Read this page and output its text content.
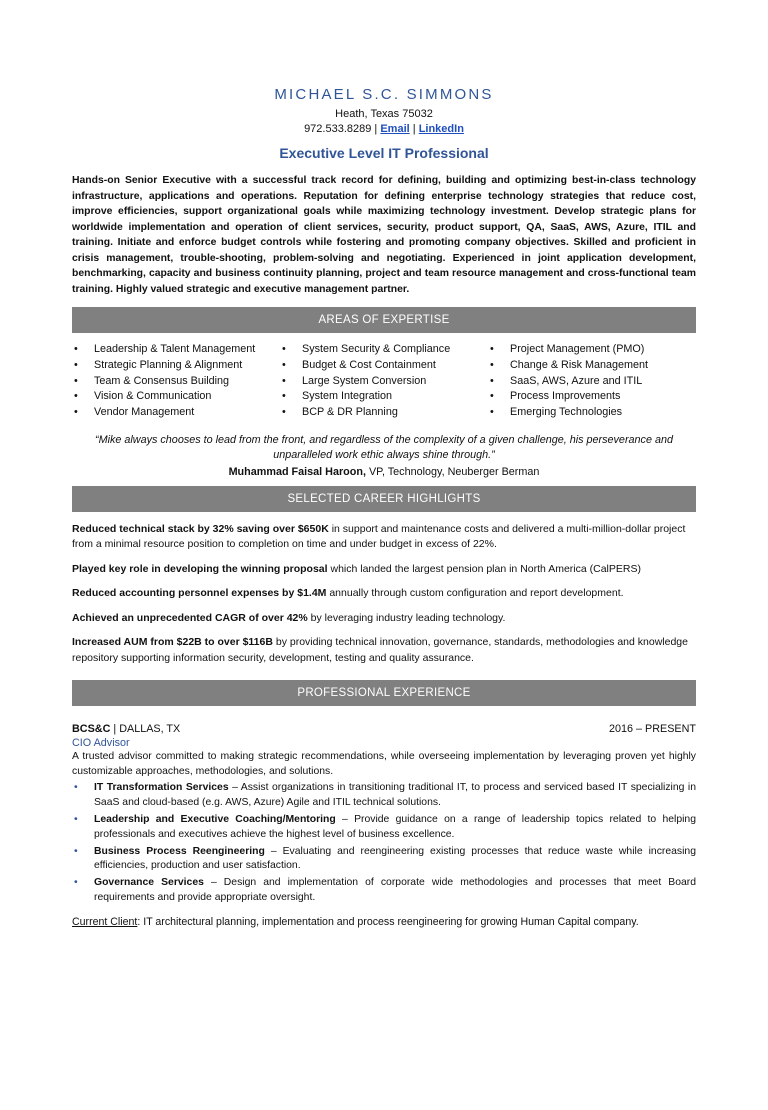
MICHAEL S.C. SIMMONS
Heath, Texas 75032
972.533.8289 | Email | LinkedIn
Executive Level IT Professional
Hands-on Senior Executive with a successful track record for defining, building and optimizing best-in-class technology infrastructure, applications and operations. Reputation for defining enterprise technology strategies that reduce cost, improve efficiencies, support organizational goals while maximizing technology investment. Develop strategic plans for worldwide implementation and operation of client services, security, product support, QA, SaaS, AWS, Azure, ITIL and training. Initiate and enforce budget controls while fostering and promoting company objectives. Skilled and proficient in crisis management, trouble-shooting, problem-solving and negotiating. Experienced in joint application development, benchmarking, capacity and business continuity planning, project and team resource management and cross-functional team training. Highly valued strategic and executive management partner.
AREAS OF EXPERTISE
• Leadership & Talent Management
• Strategic Planning & Alignment
• Team & Consensus Building
• Vision & Communication
• Vendor Management
• System Security & Compliance
• Budget & Cost Containment
• Large System Conversion
• System Integration
• BCP & DR Planning
• Project Management (PMO)
• Change & Risk Management
• SaaS, AWS, Azure and ITIL
• Process Improvements
• Emerging Technologies
“Mike always chooses to lead from the front, and regardless of the complexity of a given challenge, his perseverance and unparalleled work ethic always shine through.”
Muhammad Faisal Haroon, VP, Technology, Neuberger Berman
SELECTED CAREER HIGHLIGHTS
Reduced technical stack by 32% saving over $650K in support and maintenance costs and delivered a multi-million-dollar project from a minimal resource position to completion on time and under budget in excess of 22%.
Played key role in developing the winning proposal which landed the largest pension plan in North America (CalPERS)
Reduced accounting personnel expenses by $1.4M annually through custom configuration and report development.
Achieved an unprecedented CAGR of over 42% by leveraging industry leading technology.
Increased AUM from $22B to over $116B by providing technical innovation, governance, standards, methodologies and knowledge repository supporting information security, development, testing and quality assurance.
PROFESSIONAL EXPERIENCE
BCS&C | DALLAS, TX	2016 – PRESENT
CIO Advisor
A trusted advisor committed to making strategic recommendations, while overseeing implementation by leveraging proven yet highly customizable approaches, methodologies, and solutions.
• IT Transformation Services – Assist organizations in transitioning traditional IT, to process and serviced based IT specializing in SaaS and cloud-based (e.g. AWS, Azure) Agile and ITIL technical solutions.
• Leadership and Executive Coaching/Mentoring – Provide guidance on a range of leadership topics related to helping professionals and executives achieve the highest level of business excellence.
• Business Process Reengineering – Evaluating and reengineering existing processes that reduce waste while increasing efficiencies, production and user satisfaction.
• Governance Services – Design and implementation of corporate wide methodologies and processes that meet Board requirements and provide appropriate oversight.
Current Client: IT architectural planning, implementation and process reengineering for growing Human Capital company.
